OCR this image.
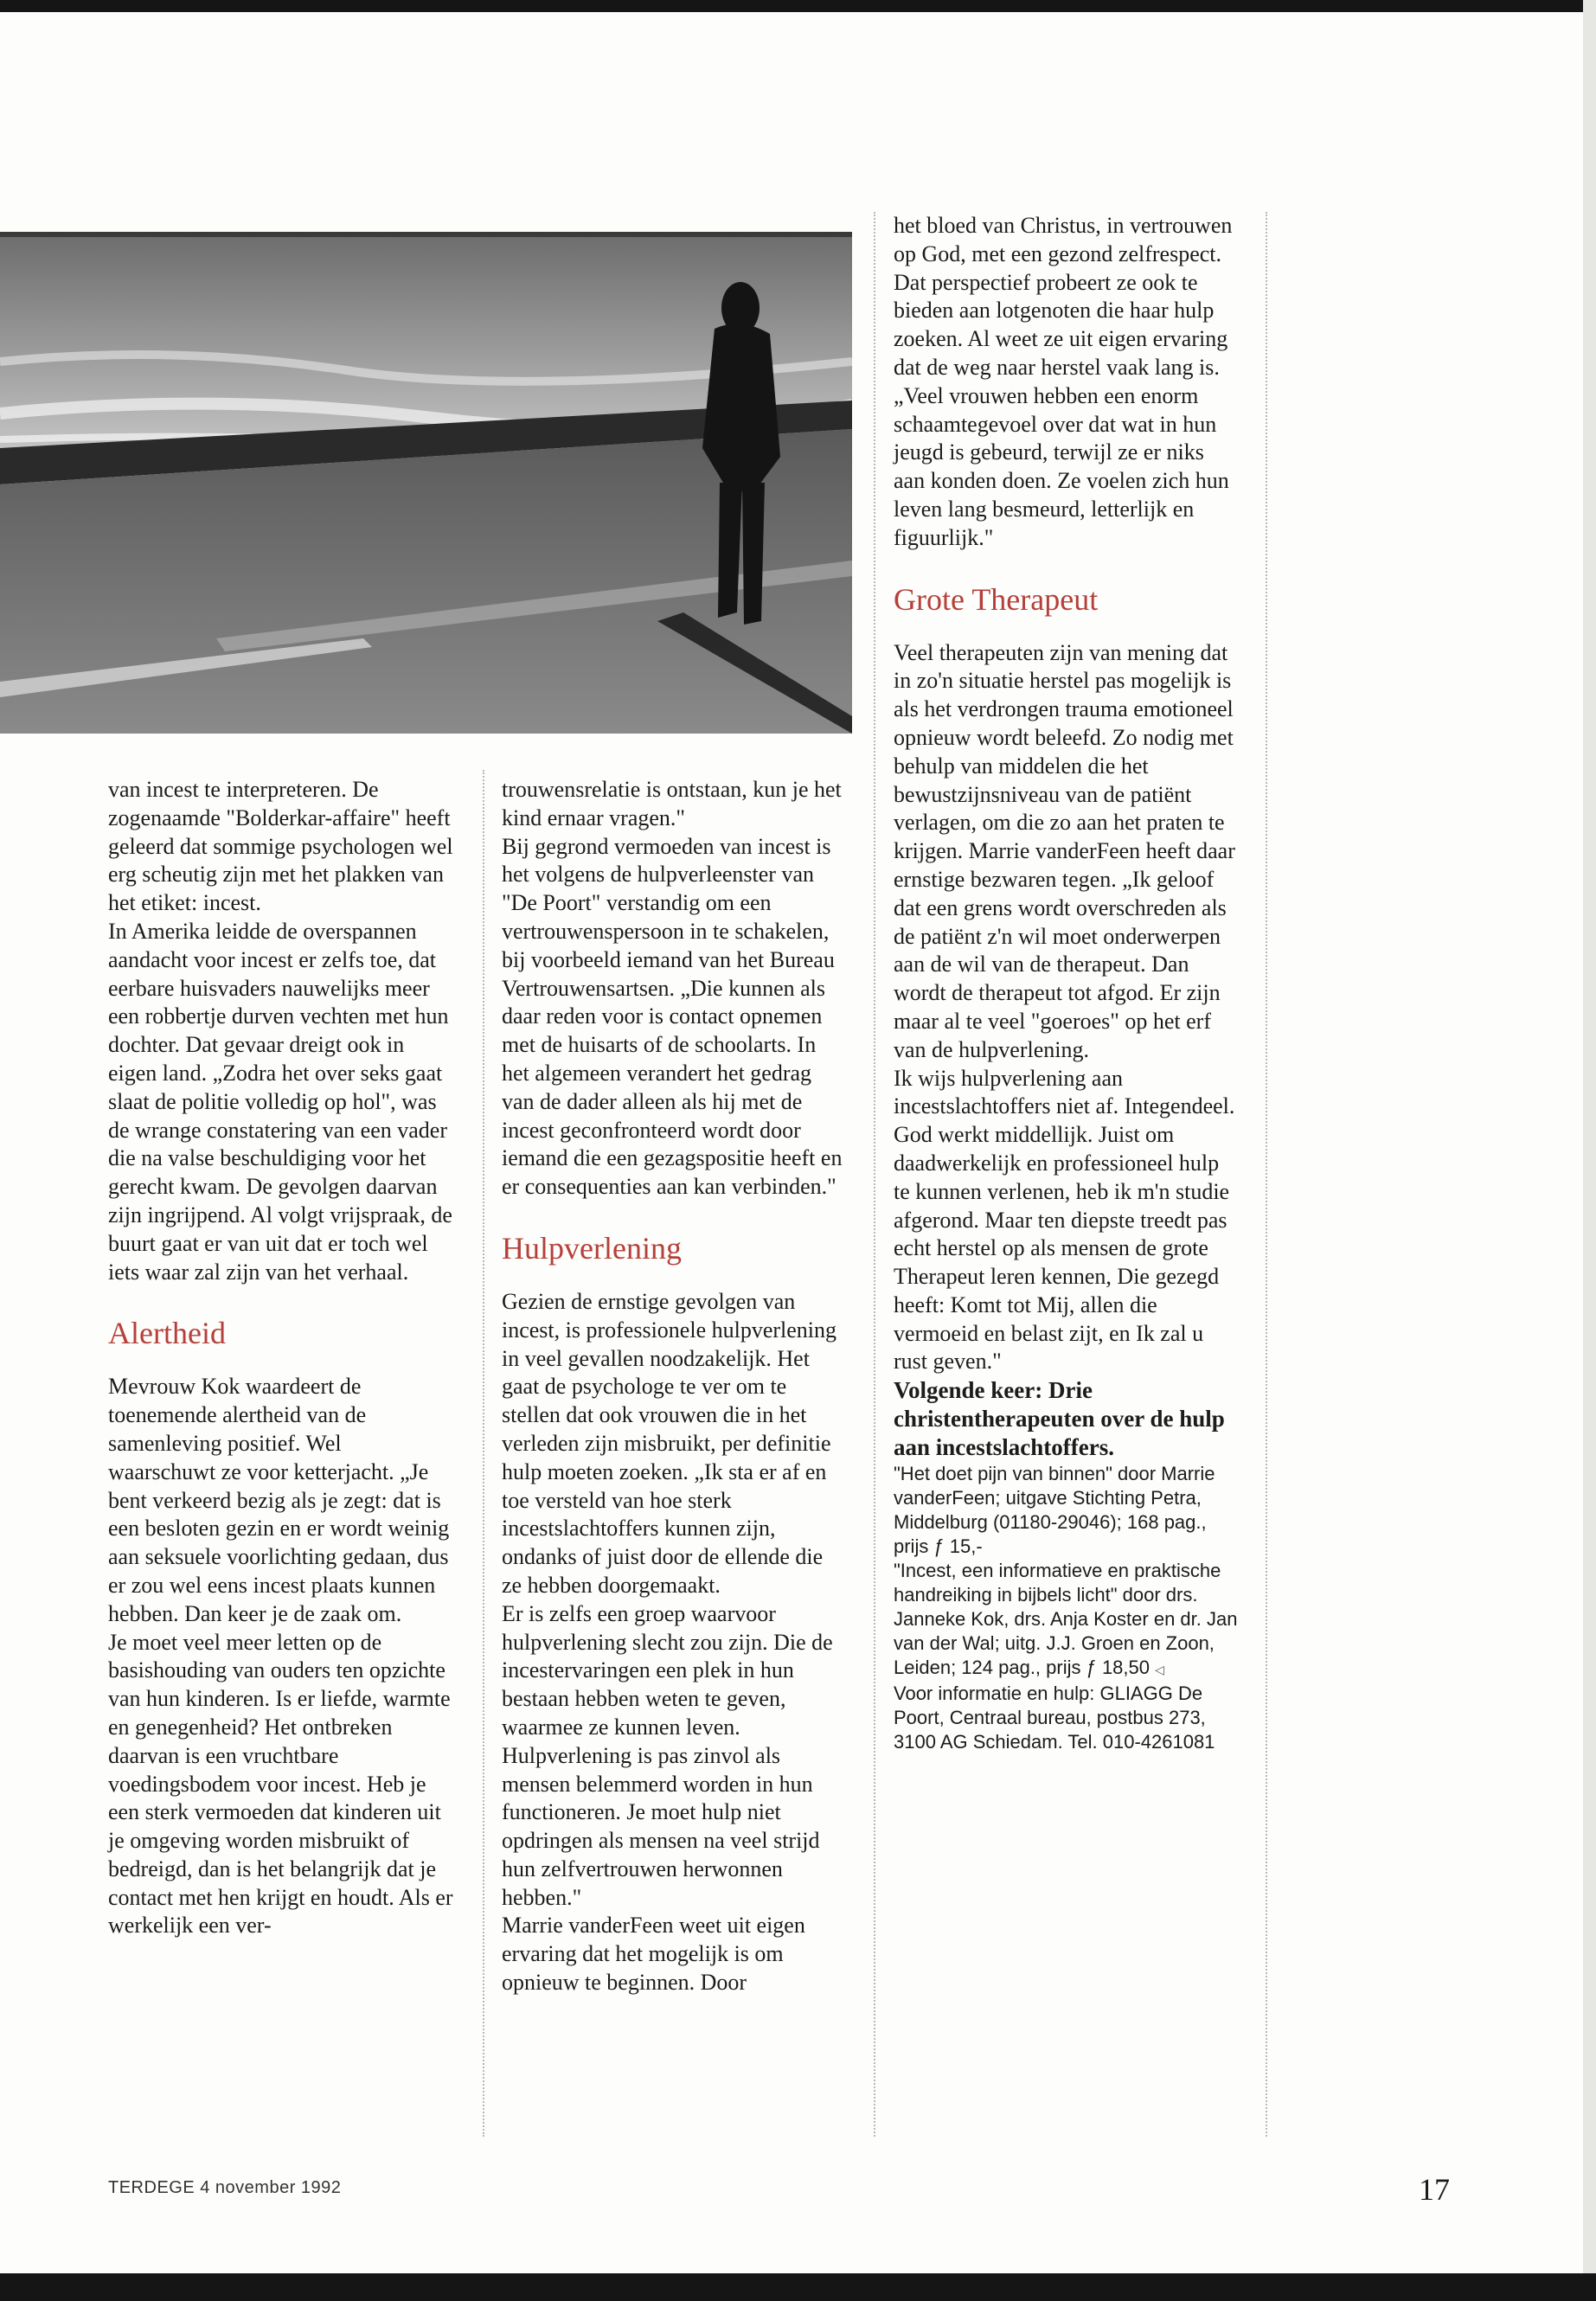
van incest te interpreteren. De zogenaamde "Bolderkar-affaire" heeft geleerd dat sommige psychologen wel erg scheutig zijn met het plakken van het etiket: incest.

In Amerika leidde de overspannen aandacht voor incest er zelfs toe, dat eerbare huisvaders nauwelijks meer een robbertje durven vechten met hun dochter. Dat gevaar dreigt ook in eigen land. „Zodra het over seks gaat slaat de politie volledig op hol", was de wrange constatering van een vader die na valse beschuldiging voor het gerecht kwam. De gevolgen daarvan zijn ingrijpend. Al volgt vrijspraak, de buurt gaat er van uit dat er toch wel iets waar zal zijn van het verhaal.

Alertheid

Mevrouw Kok waardeert de toenemende alertheid van de samenleving positief. Wel waarschuwt ze voor ketterjacht. „Je bent verkeerd bezig als je zegt: dat is een besloten gezin en er wordt weinig aan seksuele voorlichting gedaan, dus er zou wel eens incest plaats kunnen hebben. Dan keer je de zaak om.

Je moet veel meer letten op de basishouding van ouders ten opzichte van hun kinderen. Is er liefde, warmte en genegenheid? Het ontbreken daarvan is een vruchtbare voedingsbodem voor incest. Heb je een sterk vermoeden dat kinderen uit je omgeving worden misbruikt of bedreigd, dan is het belangrijk dat je contact met hen krijgt en houdt. Als er werkelijk een ver-

trouwensrelatie is ontstaan, kun je het kind ernaar vragen."

Bij gegrond vermoeden van incest is het volgens de hulpverleenster van "De Poort" verstandig om een vertrouwenspersoon in te schakelen, bij voorbeeld iemand van het Bureau Vertrouwensartsen. „Die kunnen als daar reden voor is contact opnemen met de huisarts of de schoolarts. In het algemeen verandert het gedrag van de dader alleen als hij met de incest geconfronteerd wordt door iemand die een gezagspositie heeft en er consequenties aan kan verbinden."

Hulpverlening

Gezien de ernstige gevolgen van incest, is professionele hulpverlening in veel gevallen noodzakelijk. Het gaat de psychologe te ver om te stellen dat ook vrouwen die in het verleden zijn misbruikt, per definitie hulp moeten zoeken. „Ik sta er af en toe versteld van hoe sterk incestslachtoffers kunnen zijn, ondanks of juist door de ellende die ze hebben doorgemaakt.

Er is zelfs een groep waarvoor hulpverlening slecht zou zijn. Die de incestervaringen een plek in hun bestaan hebben weten te geven, waarmee ze kunnen leven. Hulpverlening is pas zinvol als mensen belemmerd worden in hun functioneren. Je moet hulp niet opdringen als mensen na veel strijd hun zelfvertrouwen herwonnen hebben."

Marrie vanderFeen weet uit eigen ervaring dat het mogelijk is om opnieuw te beginnen. Door

het bloed van Christus, in vertrouwen op God, met een gezond zelfrespect. Dat perspectief probeert ze ook te bieden aan lotgenoten die haar hulp zoeken. Al weet ze uit eigen ervaring dat de weg naar herstel vaak lang is. „Veel vrouwen hebben een enorm schaamtegevoel over dat wat in hun jeugd is gebeurd, terwijl ze er niks aan konden doen. Ze voelen zich hun leven lang besmeurd, letterlijk en figuurlijk."

Grote Therapeut

Veel therapeuten zijn van mening dat in zo'n situatie herstel pas mogelijk is als het verdrongen trauma emotioneel opnieuw wordt beleefd. Zo nodig met behulp van middelen die het bewustzijnsniveau van de patiënt verlagen, om die zo aan het praten te krijgen. Marrie vanderFeen heeft daar ernstige bezwaren tegen. „Ik geloof dat een grens wordt overschreden als de patiënt z'n wil moet onderwerpen aan de wil van de therapeut. Dan wordt de therapeut tot afgod. Er zijn maar al te veel "goeroes" op het erf van de hulpverlening.

Ik wijs hulpverlening aan incestslachtoffers niet af. Integendeel. God werkt middellijk. Juist om daadwerkelijk en professioneel hulp te kunnen verlenen, heb ik m'n studie afgerond. Maar ten diepste treedt pas echt herstel op als mensen de grote Therapeut leren kennen, Die gezegd heeft: Komt tot Mij, allen die vermoeid en belast zijt, en Ik zal u rust geven."

Volgende keer: Drie christentherapeuten over de hulp aan incestslachtoffers.

"Het doet pijn van binnen" door Marrie vanderFeen; uitgave Stichting Petra, Middelburg (01180-29046); 168 pag., prijs ƒ 15,-

"Incest, een informatieve en praktische handreiking in bijbels licht" door drs. Janneke Kok, drs. Anja Koster en dr. Jan van der Wal; uitg. J.J. Groen en Zoon, Leiden; 124 pag., prijs ƒ 18,50 ◁

Voor informatie en hulp: GLIAGG De Poort, Centraal bureau, postbus 273, 3100 AG Schiedam. Tel. 010-4261081

TERDEGE 4 november 1992	17
